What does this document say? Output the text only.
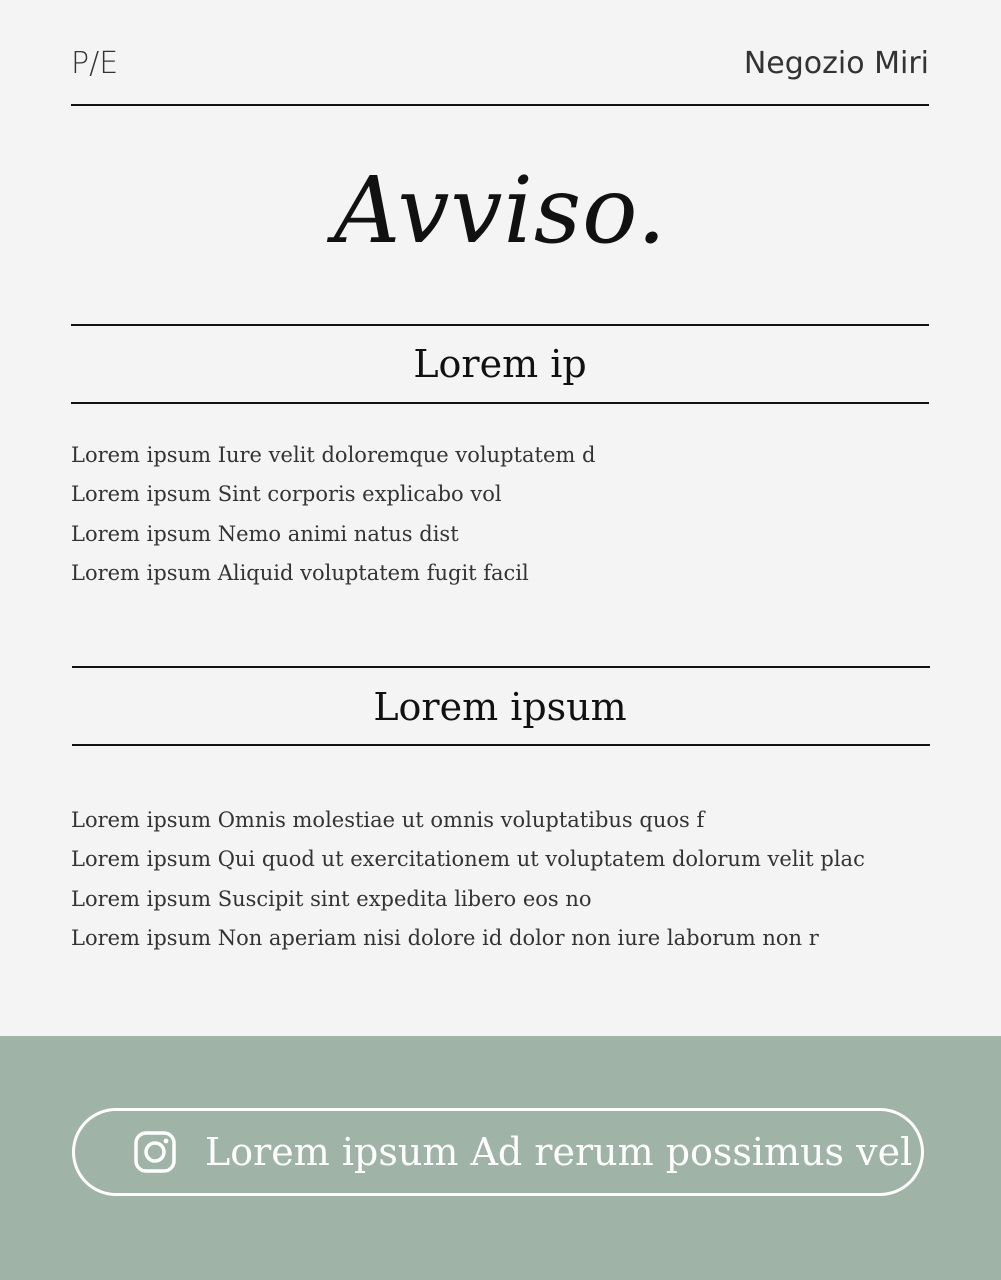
P/E	Negozio Miri
Avviso.
Lorem ip
Lorem ipsum Iure velit doloremque voluptatem d
Lorem ipsum Sint corporis explicabo vol
Lorem ipsum Nemo animi natus dist
Lorem ipsum Aliquid voluptatem fugit facil
Lorem ipsum
Lorem ipsum Omnis molestiae ut omnis voluptatibus quos f
Lorem ipsum Qui quod ut exercitationem ut voluptatem dolorum velit plac
Lorem ipsum Suscipit sint expedita libero eos no
Lorem ipsum Non aperiam nisi dolore id dolor non iure laborum non r
Lorem ipsum Ad rerum possimus vel
